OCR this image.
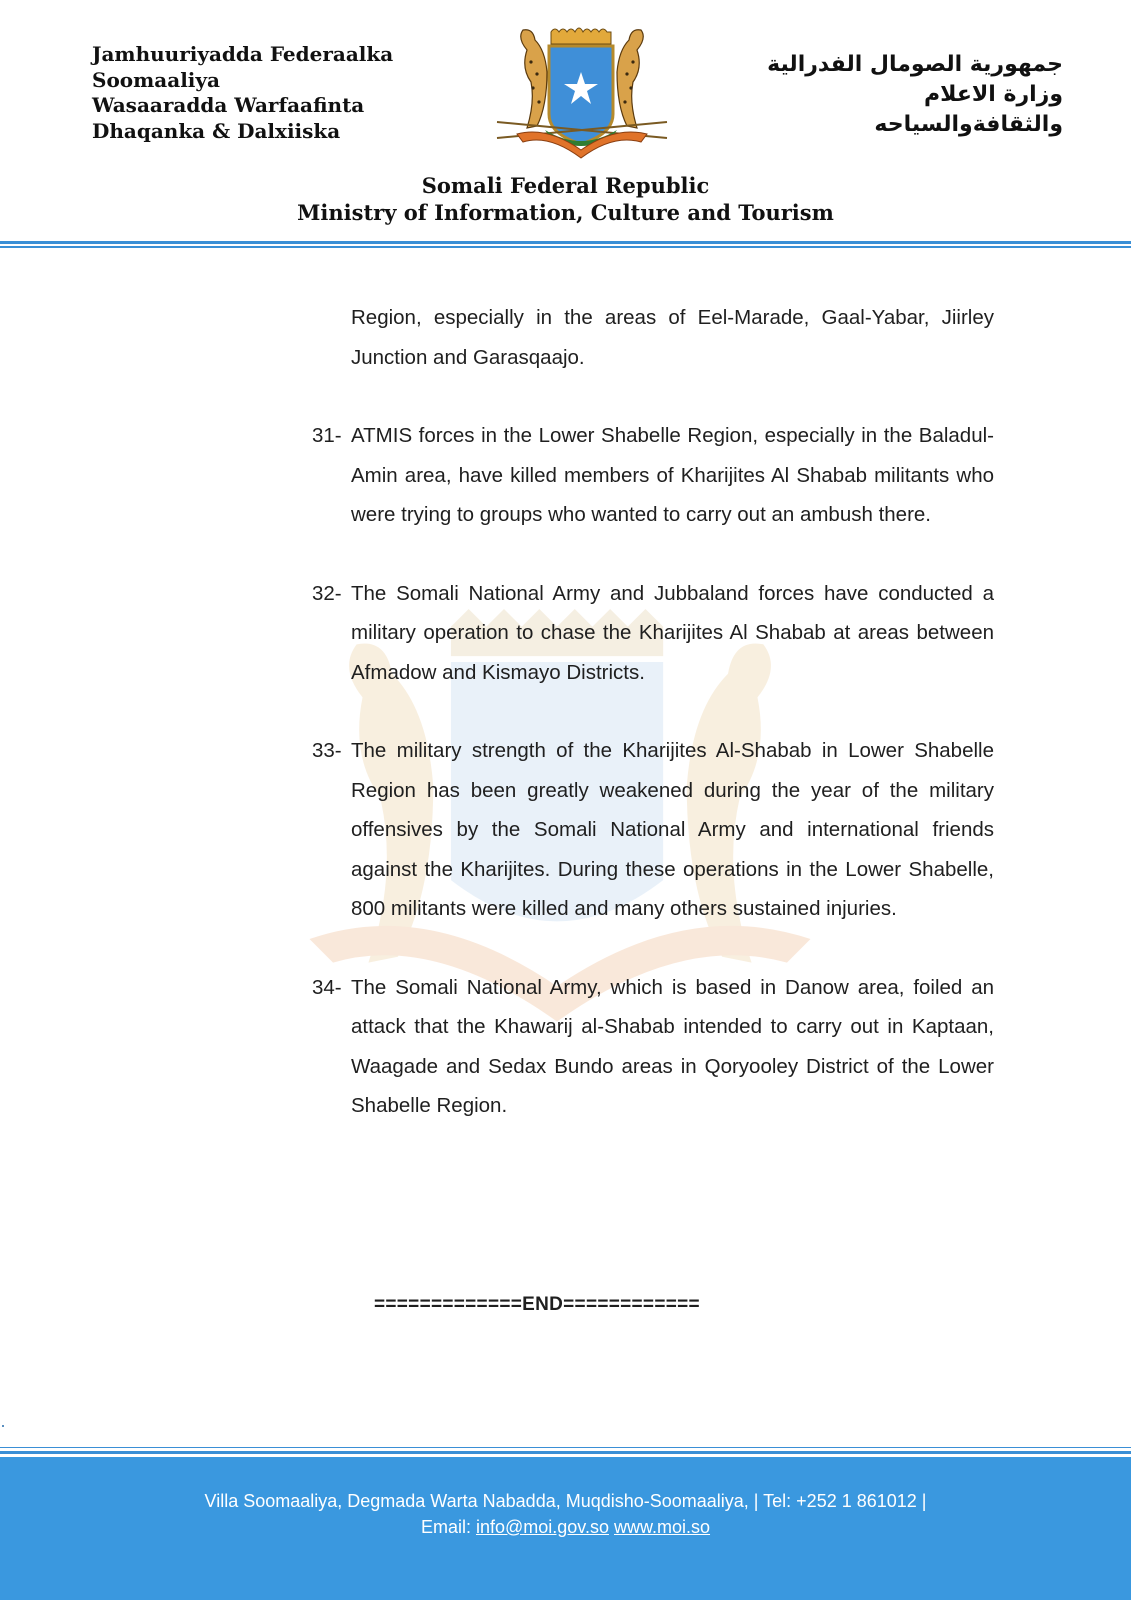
Jamhuuriyadda Federaalka
Soomaaliya
Wasaaradda Warfaafinta
Dhaqanka & Dalxiiska
جمهورية الصومال الفدرالية
وزارة الاعلام
والثقافةوالسياحه
Somali Federal Republic
Ministry of Information, Culture and Tourism
Region, especially in the areas of Eel-Marade, Gaal-Yabar, Jiirley Junction and Garasqaajo.
31- ATMIS forces in the Lower Shabelle Region, especially in the Baladul-Amin area, have killed members of Kharijites Al Shabab militants who were trying to groups who wanted to carry out an ambush there.
32- The Somali National Army and Jubbaland forces have conducted a military operation to chase the Kharijites Al Shabab at areas between Afmadow and Kismayo Districts.
33- The military strength of the Kharijites Al-Shabab in Lower Shabelle Region has been greatly weakened during the year of the military offensives by the Somali National Army and international friends against the Kharijites. During these operations in the Lower Shabelle, 800 militants were killed and many others sustained injuries.
34- The Somali National Army, which is based in Danow area, foiled an attack that the Khawarij al-Shabab intended to carry out in Kaptaan, Waagade and Sedax Bundo areas in Qoryooley District of the Lower Shabelle Region.
=============END============
Villa Soomaaliya, Degmada Warta Nabadda, Muqdisho-Soomaaliya, | Tel: +252 1 861012 |
Email: info@moi.gov.so www.moi.so
